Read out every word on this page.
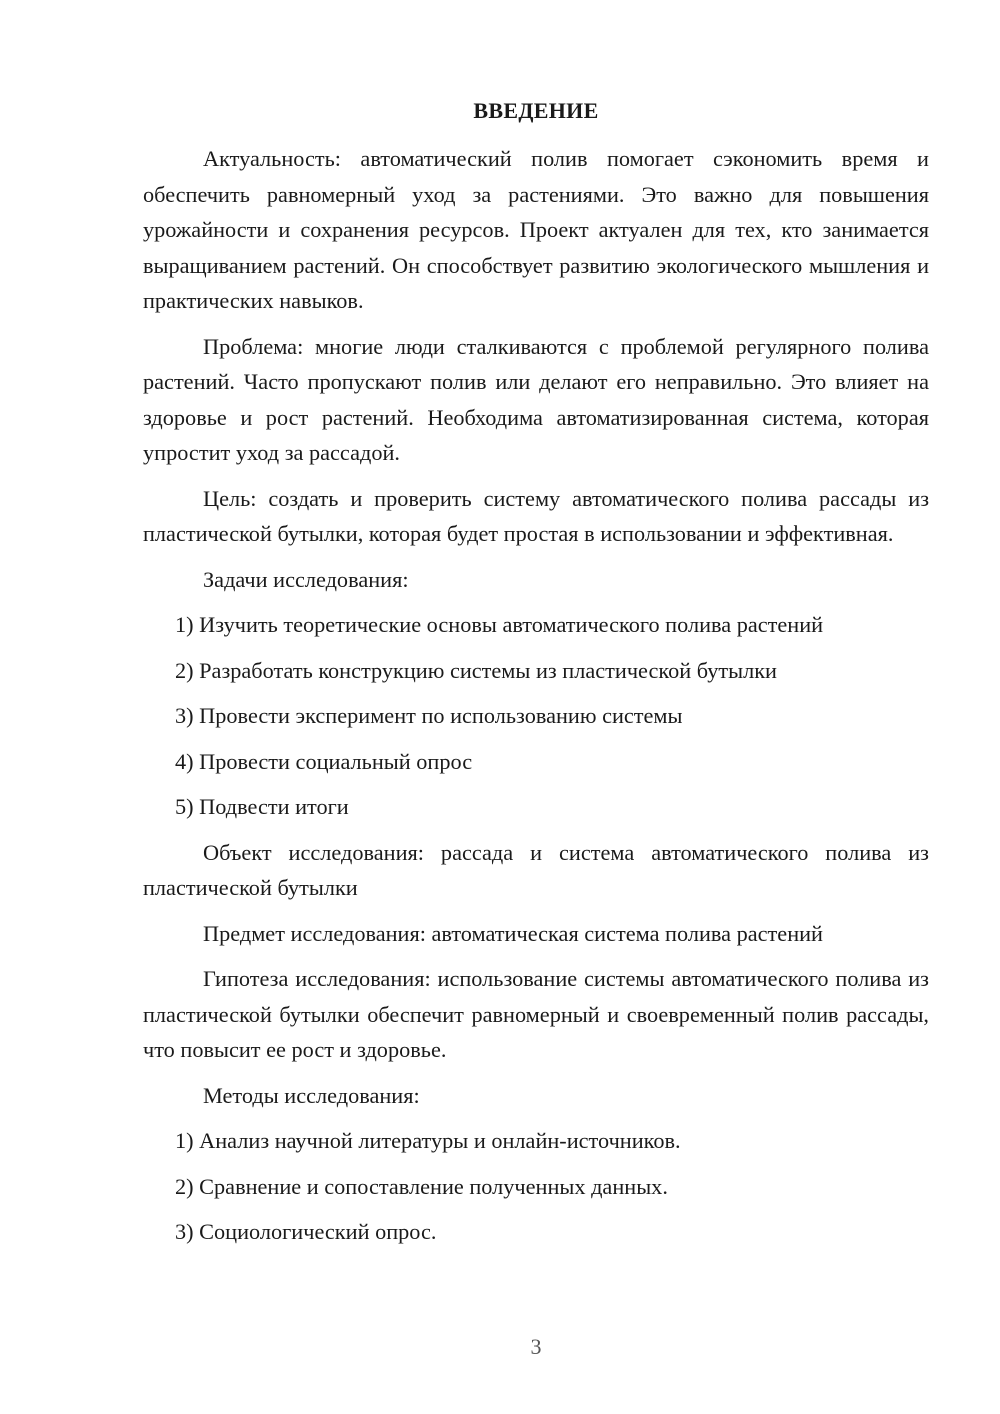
ВВЕДЕНИЕ

Актуальность: автоматический полив помогает сэкономить время и обеспечить равномерный уход за растениями. Это важно для повышения урожайности и сохранения ресурсов. Проект актуален для тех, кто занимается выращиванием растений. Он способствует развитию экологического мышления и практических навыков.

Проблема: многие люди сталкиваются с проблемой регулярного полива растений. Часто пропускают полив или делают его неправильно. Это влияет на здоровье и рост растений. Необходима автоматизированная система, которая упростит уход за рассадой.

Цель: создать и проверить систему автоматического полива рассады из пластической бутылки, которая будет простая в использовании и эффективная.

Задачи исследования:

1) Изучить теоретические основы автоматического полива растений
2) Разработать конструкцию системы из пластической бутылки
3) Провести эксперимент по использованию системы
4) Провести социальный опрос
5) Подвести итоги

Объект исследования: рассада и система автоматического полива из пластической бутылки

Предмет исследования: автоматическая система полива растений

Гипотеза исследования: использование системы автоматического полива из пластической бутылки обеспечит равномерный и своевременный полив рассады, что повысит ее рост и здоровье.

Методы исследования:

1) Анализ научной литературы и онлайн-источников.
2) Сравнение и сопоставление полученных данных.
3) Социологический опрос.
3
